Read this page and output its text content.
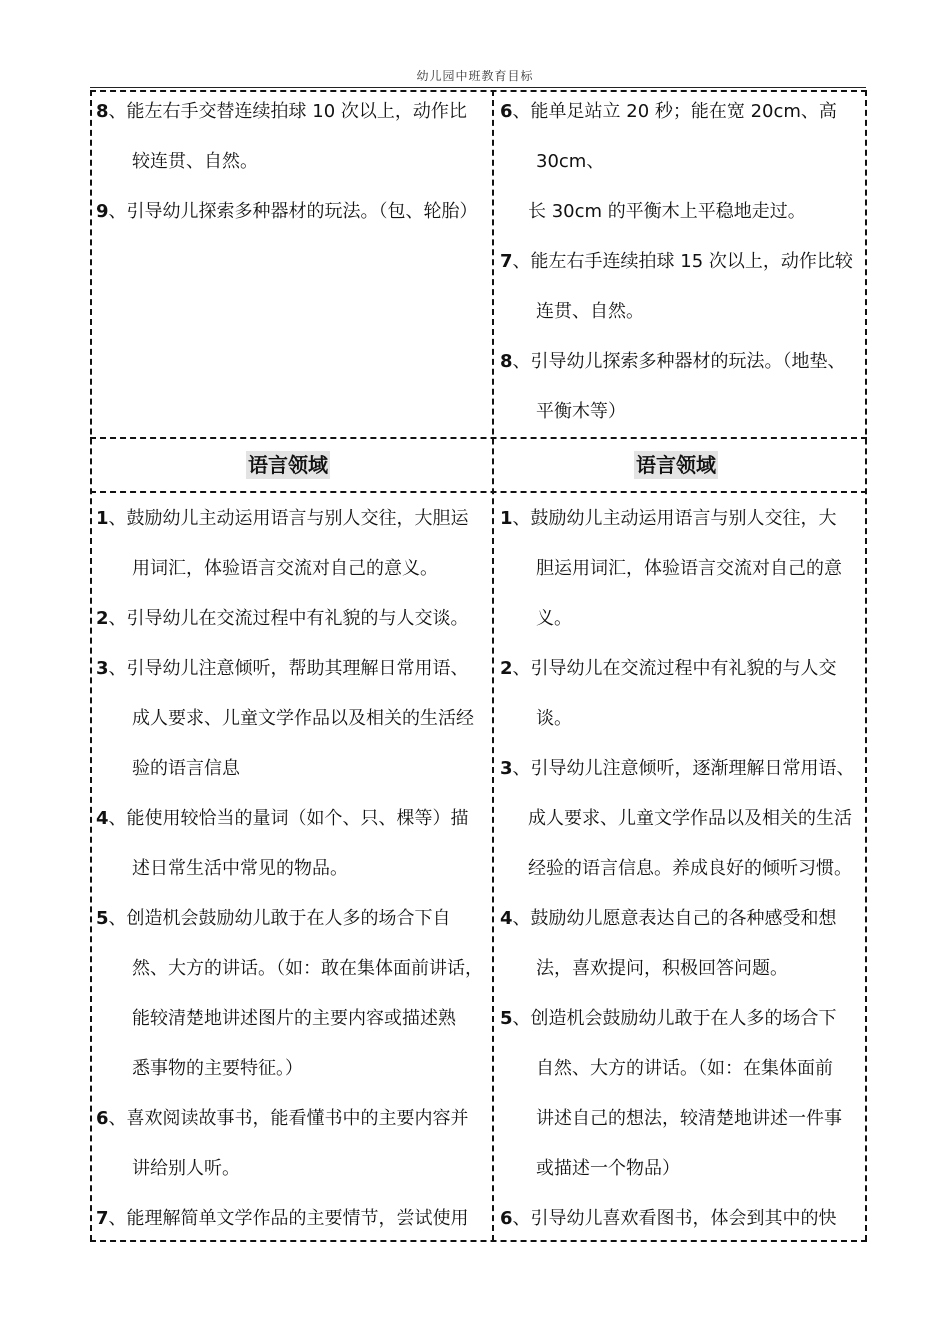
幼儿园中班教育目标
语言领域	语言领域

8、能左右手交替连续拍球 10 次以上，动作比

较连贯、自然。

9、引导幼儿探索多种器材的玩法。（包、轮胎）

6、能单足站立 20 秒；能在宽 20cm、高

30cm、

长 30cm 的平衡木上平稳地走过。

7、能左右手连续拍球 15 次以上，动作比较

连贯、自然。

8、引导幼儿探索多种器材的玩法。（地垫、

平衡木等）

1、鼓励幼儿主动运用语言与别人交往，大胆运

用词汇，体验语言交流对自己的意义。

2、引导幼儿在交流过程中有礼貌的与人交谈。

3、引导幼儿注意倾听，帮助其理解日常用语、

成人要求、儿童文学作品以及相关的生活经

验的语言信息

4、能使用较恰当的量词（如个、只、棵等）描

述日常生活中常见的物品。

5、创造机会鼓励幼儿敢于在人多的场合下自

然、大方的讲话。（如：敢在集体面前讲话，

能较清楚地讲述图片的主要内容或描述熟

悉事物的主要特征。）

6、喜欢阅读故事书，能看懂书中的主要内容并

讲给别人听。

7、能理解简单文学作品的主要情节，尝试使用

1、鼓励幼儿主动运用语言与别人交往，大

胆运用词汇，体验语言交流对自己的意

义。

2、引导幼儿在交流过程中有礼貌的与人交

谈。

3、引导幼儿注意倾听，逐渐理解日常用语、

成人要求、儿童文学作品以及相关的生活

经验的语言信息。养成良好的倾听习惯。

4、鼓励幼儿愿意表达自己的各种感受和想

法，喜欢提问，积极回答问题。

5、创造机会鼓励幼儿敢于在人多的场合下

自然、大方的讲话。（如：在集体面前

讲述自己的想法，较清楚地讲述一件事

或描述一个物品）

6、引导幼儿喜欢看图书，体会到其中的快
